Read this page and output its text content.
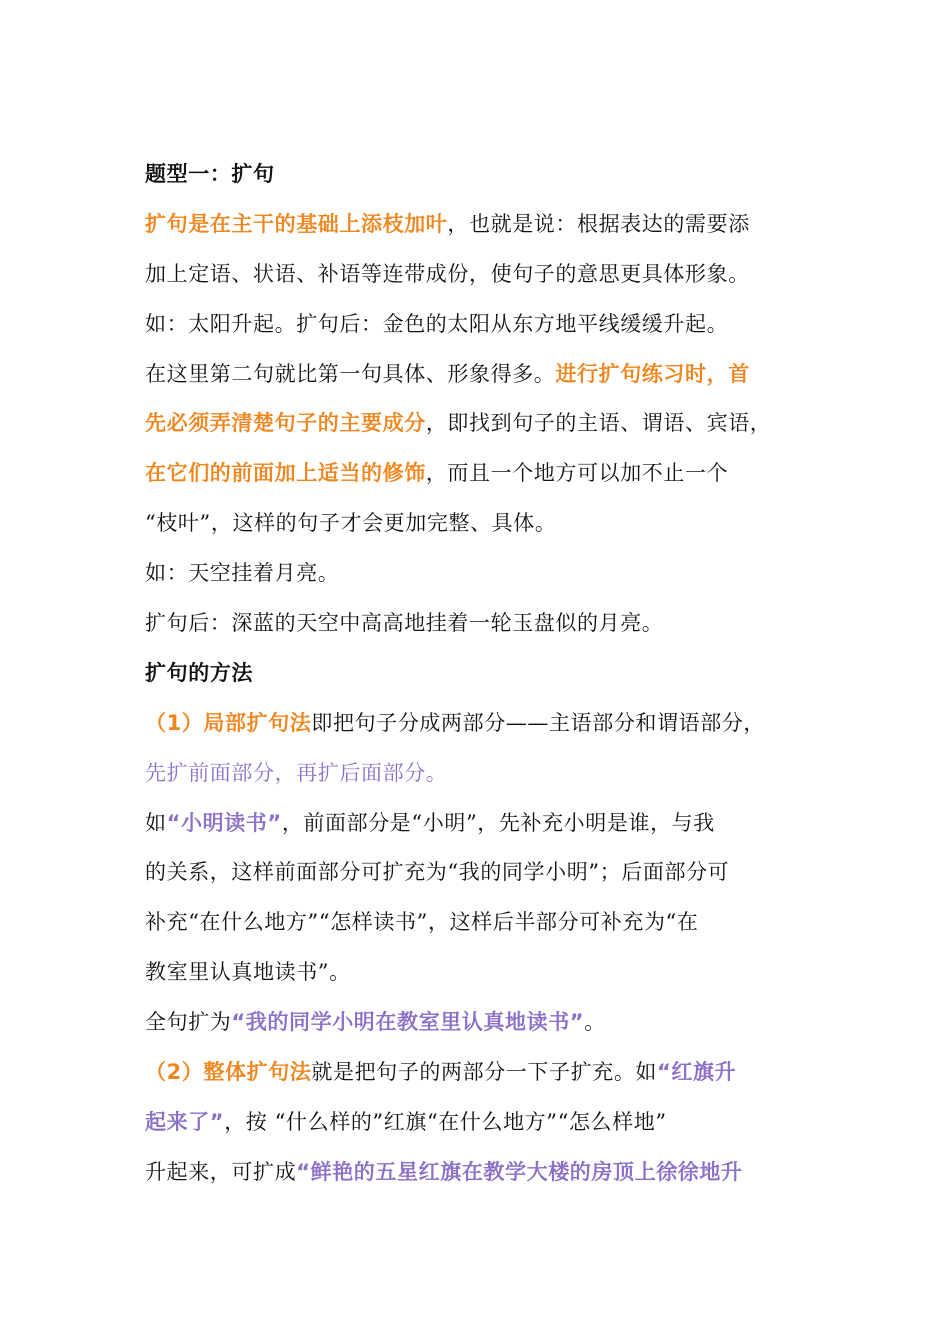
题型一：扩句
扩句是在主干的基础上添枝加叶，也就是说：根据表达的需要添
加上定语、状语、补语等连带成份，使句子的意思更具体形象。
如：太阳升起。扩句后：金色的太阳从东方地平线缓缓升起。
在这里第二句就比第一句具体、形象得多。进行扩句练习时，首
先必须弄清楚句子的主要成分，即找到句子的主语、谓语、宾语，
在它们的前面加上适当的修饰，而且一个地方可以加不止一个
“枝叶”，这样的句子才会更加完整、具体。
如：天空挂着月亮。
扩句后：深蓝的天空中高高地挂着一轮玉盘似的月亮。
扩句的方法
（1）局部扩句法即把句子分成两部分——主语部分和谓语部分，
先扩前面部分，再扩后面部分。
如“小明读书”，前面部分是“小明”，先补充小明是谁，与我
的关系，这样前面部分可扩充为“我的同学小明”；后面部分可
补充“在什么地方”“怎样读书”，这样后半部分可补充为“在
教室里认真地读书”。
全句扩为“我的同学小明在教室里认真地读书”。
（2）整体扩句法就是把句子的两部分一下子扩充。如“红旗升
起来了”，按 “什么样的”红旗“在什么地方”“怎么样地”
升起来，可扩成“鲜艳的五星红旗在教学大楼的房顶上徐徐地升
